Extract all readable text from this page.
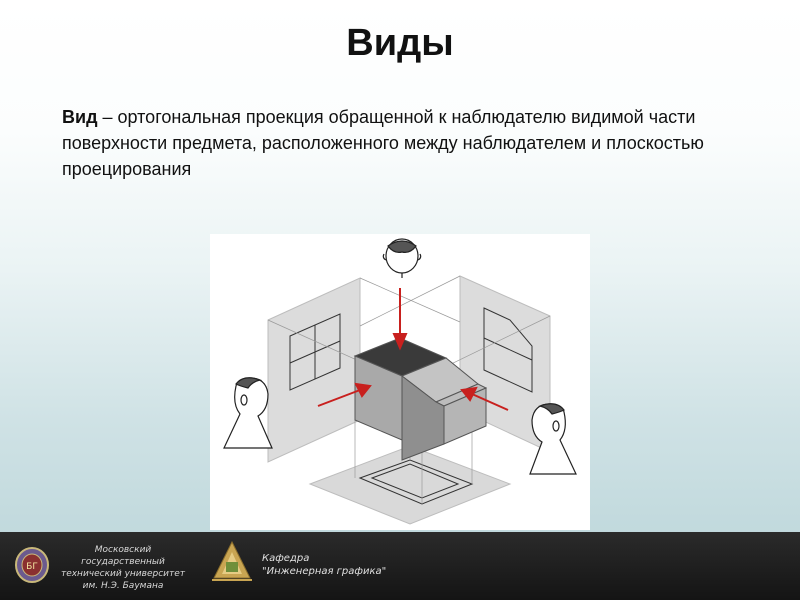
Виды
Вид – ортогональная проекция обращенной к наблюдателю видимой части поверхности предмета, расположенного между наблюдателем и плоскостью проецирования
БГ
Московский государственный
технический университет
им. Н.Э. Баумана
Кафедра
"Инженерная графика"
